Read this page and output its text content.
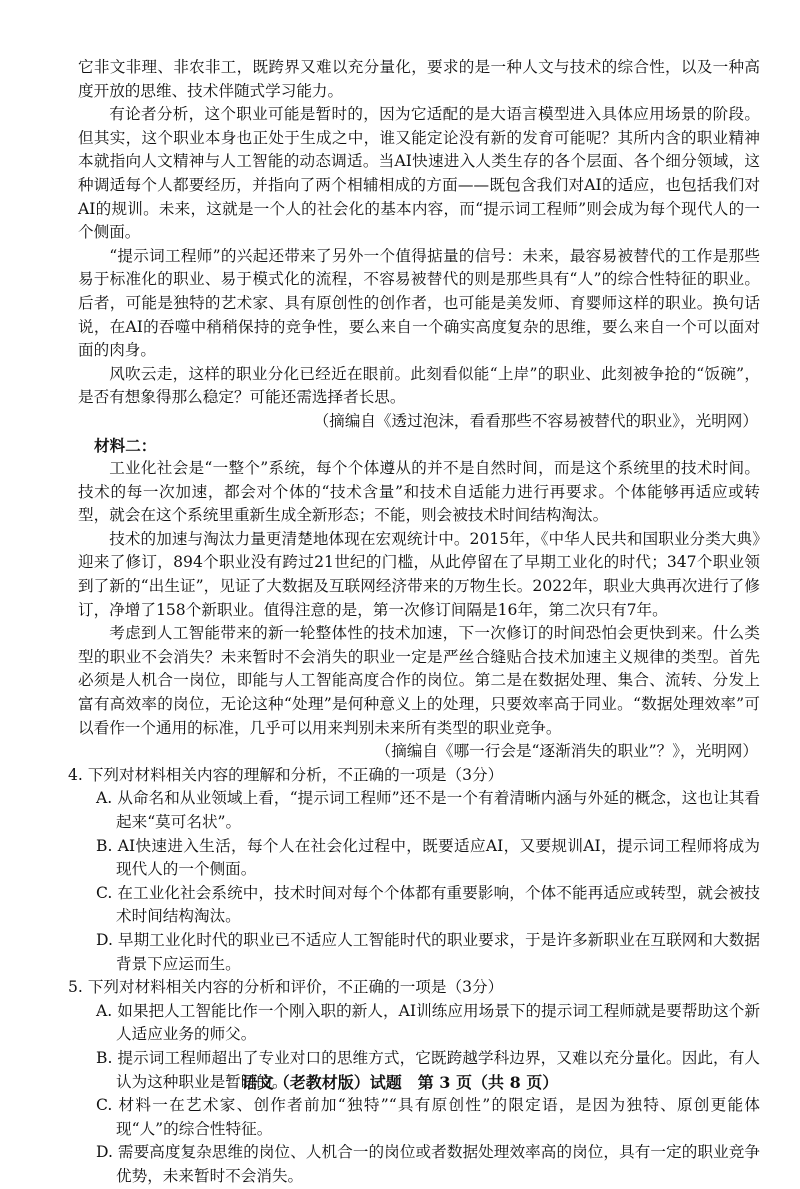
它非文非理、非农非工，既跨界又难以充分量化，要求的是一种人文与技术的综合性，以及一种高度开放的思维、技术伴随式学习能力。

有论者分析，这个职业可能是暂时的，因为它适配的是大语言模型进入具体应用场景的阶段。但其实，这个职业本身也正处于生成之中，谁又能定论没有新的发育可能呢？其所内含的职业精神本就指向人文精神与人工智能的动态调适。当AI快速进入人类生存的各个层面、各个细分领域，这种调适每个人都要经历，并指向了两个相辅相成的方面——既包含我们对AI的适应，也包括我们对AI的规训。未来，这就是一个人的社会化的基本内容，而“提示词工程师”则会成为每个现代人的一个侧面。

“提示词工程师”的兴起还带来了另外一个值得掂量的信号：未来，最容易被替代的工作是那些易于标准化的职业、易于模式化的流程，不容易被替代的则是那些具有“人”的综合性特征的职业。后者，可能是独特的艺术家、具有原创性的创作者，也可能是美发师、育婴师这样的职业。换句话说，在AI的吞噬中稍稍保持的竞争性，要么来自一个确实高度复杂的思维，要么来自一个可以面对面的肉身。

风吹云走，这样的职业分化已经近在眼前。此刻看似能“上岸”的职业、此刻被争抢的“饭碗”，是否有想象得那么稳定？可能还需选择者长思。

（摘编自《透过泡沫，看看那些不容易被替代的职业》，光明网）

材料二：

工业化社会是“一整个”系统，每个个体遵从的并不是自然时间，而是这个系统里的技术时间。技术的每一次加速，都会对个体的“技术含量”和技术自适能力进行再要求。个体能够再适应或转型，就会在这个系统里重新生成全新形态；不能，则会被技术时间结构淘汰。

技术的加速与淘汰力量更清楚地体现在宏观统计中。2015年，《中华人民共和国职业分类大典》迎来了修订，894个职业没有跨过21世纪的门槛，从此停留在了早期工业化的时代；347个职业领到了新的“出生证”，见证了大数据及互联网经济带来的万物生长。2022年，职业大典再次进行了修订，净增了158个新职业。值得注意的是，第一次修订间隔是16年，第二次只有7年。

考虑到人工智能带来的新一轮整体性的技术加速，下一次修订的时间恐怕会更快到来。什么类型的职业不会消失？未来暂时不会消失的职业一定是严丝合缝贴合技术加速主义规律的类型。首先必须是人机合一岗位，即能与人工智能高度合作的岗位。第二是在数据处理、集合、流转、分发上富有高效率的岗位，无论这种“处理”是何种意义上的处理，只要效率高于同业。“数据处理效率”可以看作一个通用的标准，几乎可以用来判别未来所有类型的职业竞争。

（摘编自《哪一行会是“逐渐消失的职业”？》，光明网）

4. 下列对材料相关内容的理解和分析，不正确的一项是（3分）

A. 从命名和从业领域上看，“提示词工程师”还不是一个有着清晰内涵与外延的概念，这也让其看起来“莫可名状”。

B. AI快速进入生活，每个人在社会化过程中，既要适应AI，又要规训AI，提示词工程师将成为现代人的一个侧面。

C. 在工业化社会系统中，技术时间对每个个体都有重要影响，个体不能再适应或转型，就会被技术时间结构淘汰。

D. 早期工业化时代的职业已不适应人工智能时代的职业要求，于是许多新职业在互联网和大数据背景下应运而生。

5. 下列对材料相关内容的分析和评价，不正确的一项是（3分）

A. 如果把人工智能比作一个刚入职的新人，AI训练应用场景下的提示词工程师就是要帮助这个新人适应业务的师父。

B. 提示词工程师超出了专业对口的思维方式，它既跨越学科边界，又难以充分量化。因此，有人认为这种职业是暂时的。

C. 材料一在艺术家、创作者前加“独特”“具有原创性”的限定语，是因为独特、原创更能体现“人”的综合性特征。

D. 需要高度复杂思维的岗位、人机合一的岗位或者数据处理效率高的岗位，具有一定的职业竞争优势，未来暂时不会消失。

语文（老教材版）试题　第 3 页（共 8 页）
